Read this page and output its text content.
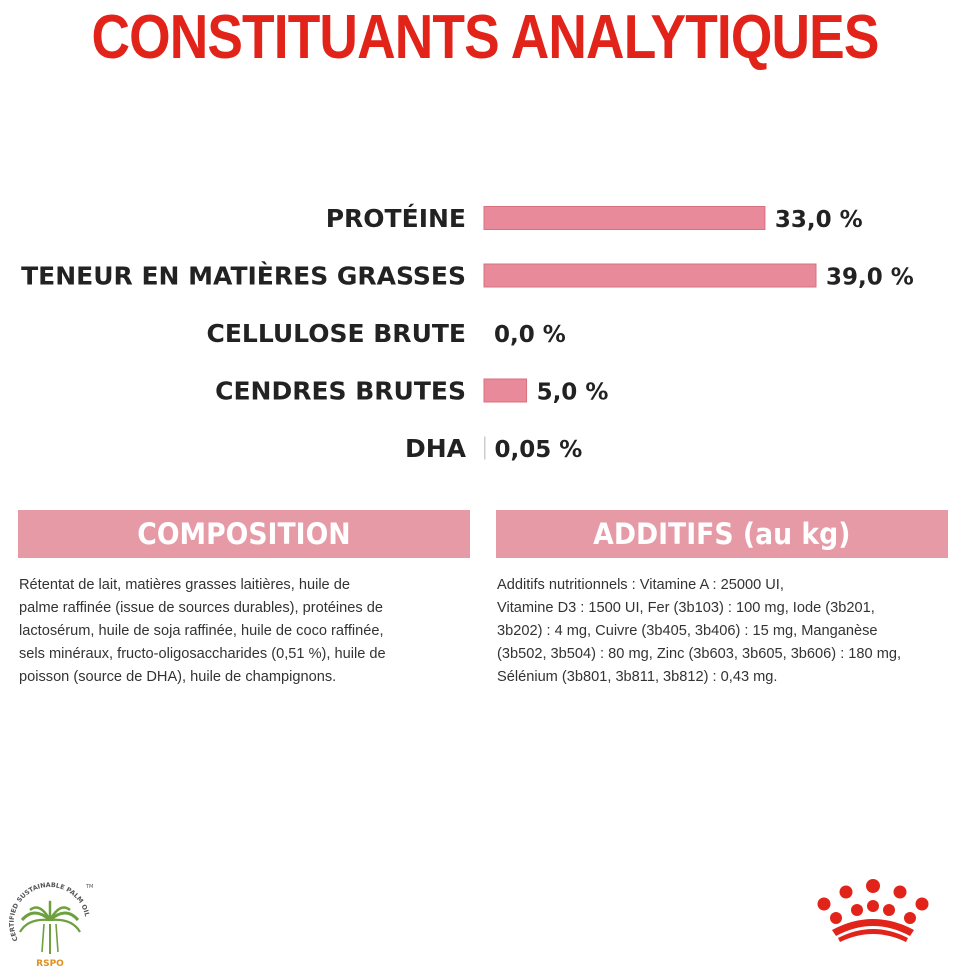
CONSTITUANTS ANALYTIQUES
PROTÉINE	33,0 %
TENEUR EN MATIÈRES GRASSES	39,0 %
CELLULOSE BRUTE 0,0 %
CENDRES BRUTES	5,0 %
DHA 0,05 %
COMPOSITION	ADDITIFS (au kg)
Rétentat de lait, matières grasses laitières, huile de
palme raffinée (issue de sources durables), protéines de
lactosérum, huile de soja raffinée, huile de coco raffinée,
sels minéraux, fructo-oligosaccharides (0,51 %), huile de
poisson (source de DHA), huile de champignons.
Additifs nutritionnels : Vitamine A : 25000 UI,
Vitamine D3 : 1500 UI, Fer (3b103) : 100 mg, Iode (3b201,
3b202) : 4 mg, Cuivre (3b405, 3b406) : 15 mg, Manganèse
(3b502, 3b504) : 80 mg, Zinc (3b603, 3b605, 3b606) : 180 mg,
Sélénium (3b801, 3b811, 3b812) : 0,43 mg.
CERTIFIED SUSTAINABLE PALM OIL
TM
RSPO
